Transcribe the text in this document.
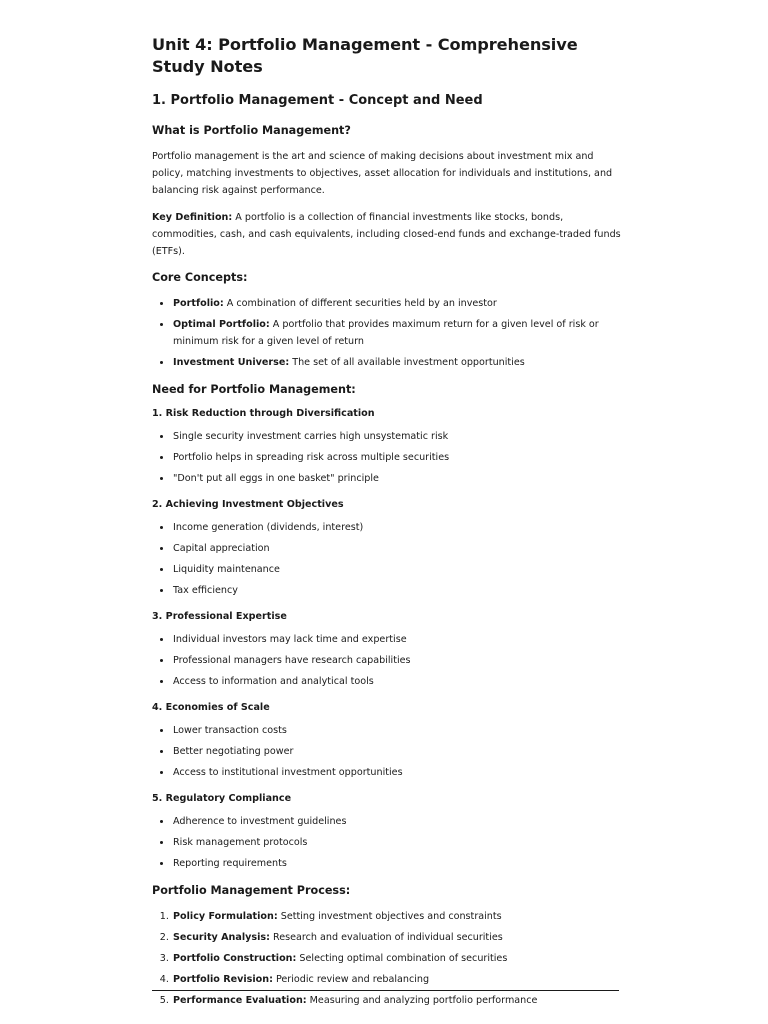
Unit 4: Portfolio Management - Comprehensive Study Notes
1. Portfolio Management - Concept and Need
What is Portfolio Management?

Portfolio management is the art and science of making decisions about investment mix and policy, matching investments to objectives, asset allocation for individuals and institutions, and balancing risk against performance.

Key Definition: A portfolio is a collection of financial investments like stocks, bonds, commodities, cash, and cash equivalents, including closed-end funds and exchange-traded funds (ETFs).

Core Concepts:
• Portfolio: A combination of different securities held by an investor
• Optimal Portfolio: A portfolio that provides maximum return for a given level of risk or minimum risk for a given level of return
• Investment Universe: The set of all available investment opportunities
Need for Portfolio Management:
1. Risk Reduction through Diversification
• Single security investment carries high unsystematic risk
• Portfolio helps in spreading risk across multiple securities
• "Don't put all eggs in one basket" principle
2. Achieving Investment Objectives
• Income generation (dividends, interest)
• Capital appreciation
• Liquidity maintenance
• Tax efficiency
3. Professional Expertise
• Individual investors may lack time and expertise
• Professional managers have research capabilities
• Access to information and analytical tools
4. Economies of Scale
• Lower transaction costs
• Better negotiating power
• Access to institutional investment opportunities
5. Regulatory Compliance
• Adherence to investment guidelines
• Risk management protocols
• Reporting requirements
Portfolio Management Process:
1. Policy Formulation: Setting investment objectives and constraints
2. Security Analysis: Research and evaluation of individual securities
3. Portfolio Construction: Selecting optimal combination of securities
4. Portfolio Revision: Periodic review and rebalancing
5. Performance Evaluation: Measuring and analyzing portfolio performance
